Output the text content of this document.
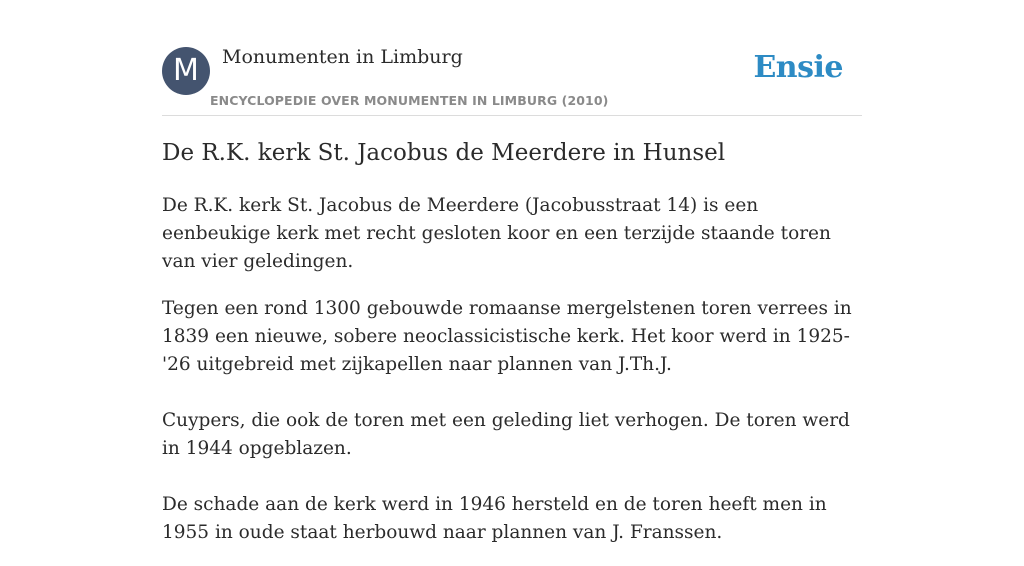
M	Monumenten in Limburg
ENCYCLOPEDIE OVER MONUMENTEN IN LIMBURG (2010)
Ensie
De R.K. kerk St. Jacobus de Meerdere in Hunsel

De R.K. kerk St. Jacobus de Meerdere (Jacobusstraat 14) is een eenbeukige kerk met recht gesloten koor en een terzijde staande toren van vier geledingen.

Tegen een rond 1300 gebouwde romaanse mergelstenen toren verrees in 1839 een nieuwe, sobere neoclassicistische kerk. Het koor werd in 1925-'26 uitgebreid met zijkapellen naar plannen van J.Th.J.

Cuypers, die ook de toren met een geleding liet verhogen. De toren werd in 1944 opgeblazen.

De schade aan de kerk werd in 1946 hersteld en de toren heeft men in 1955 in oude staat herbouwd naar plannen van J. Franssen.
